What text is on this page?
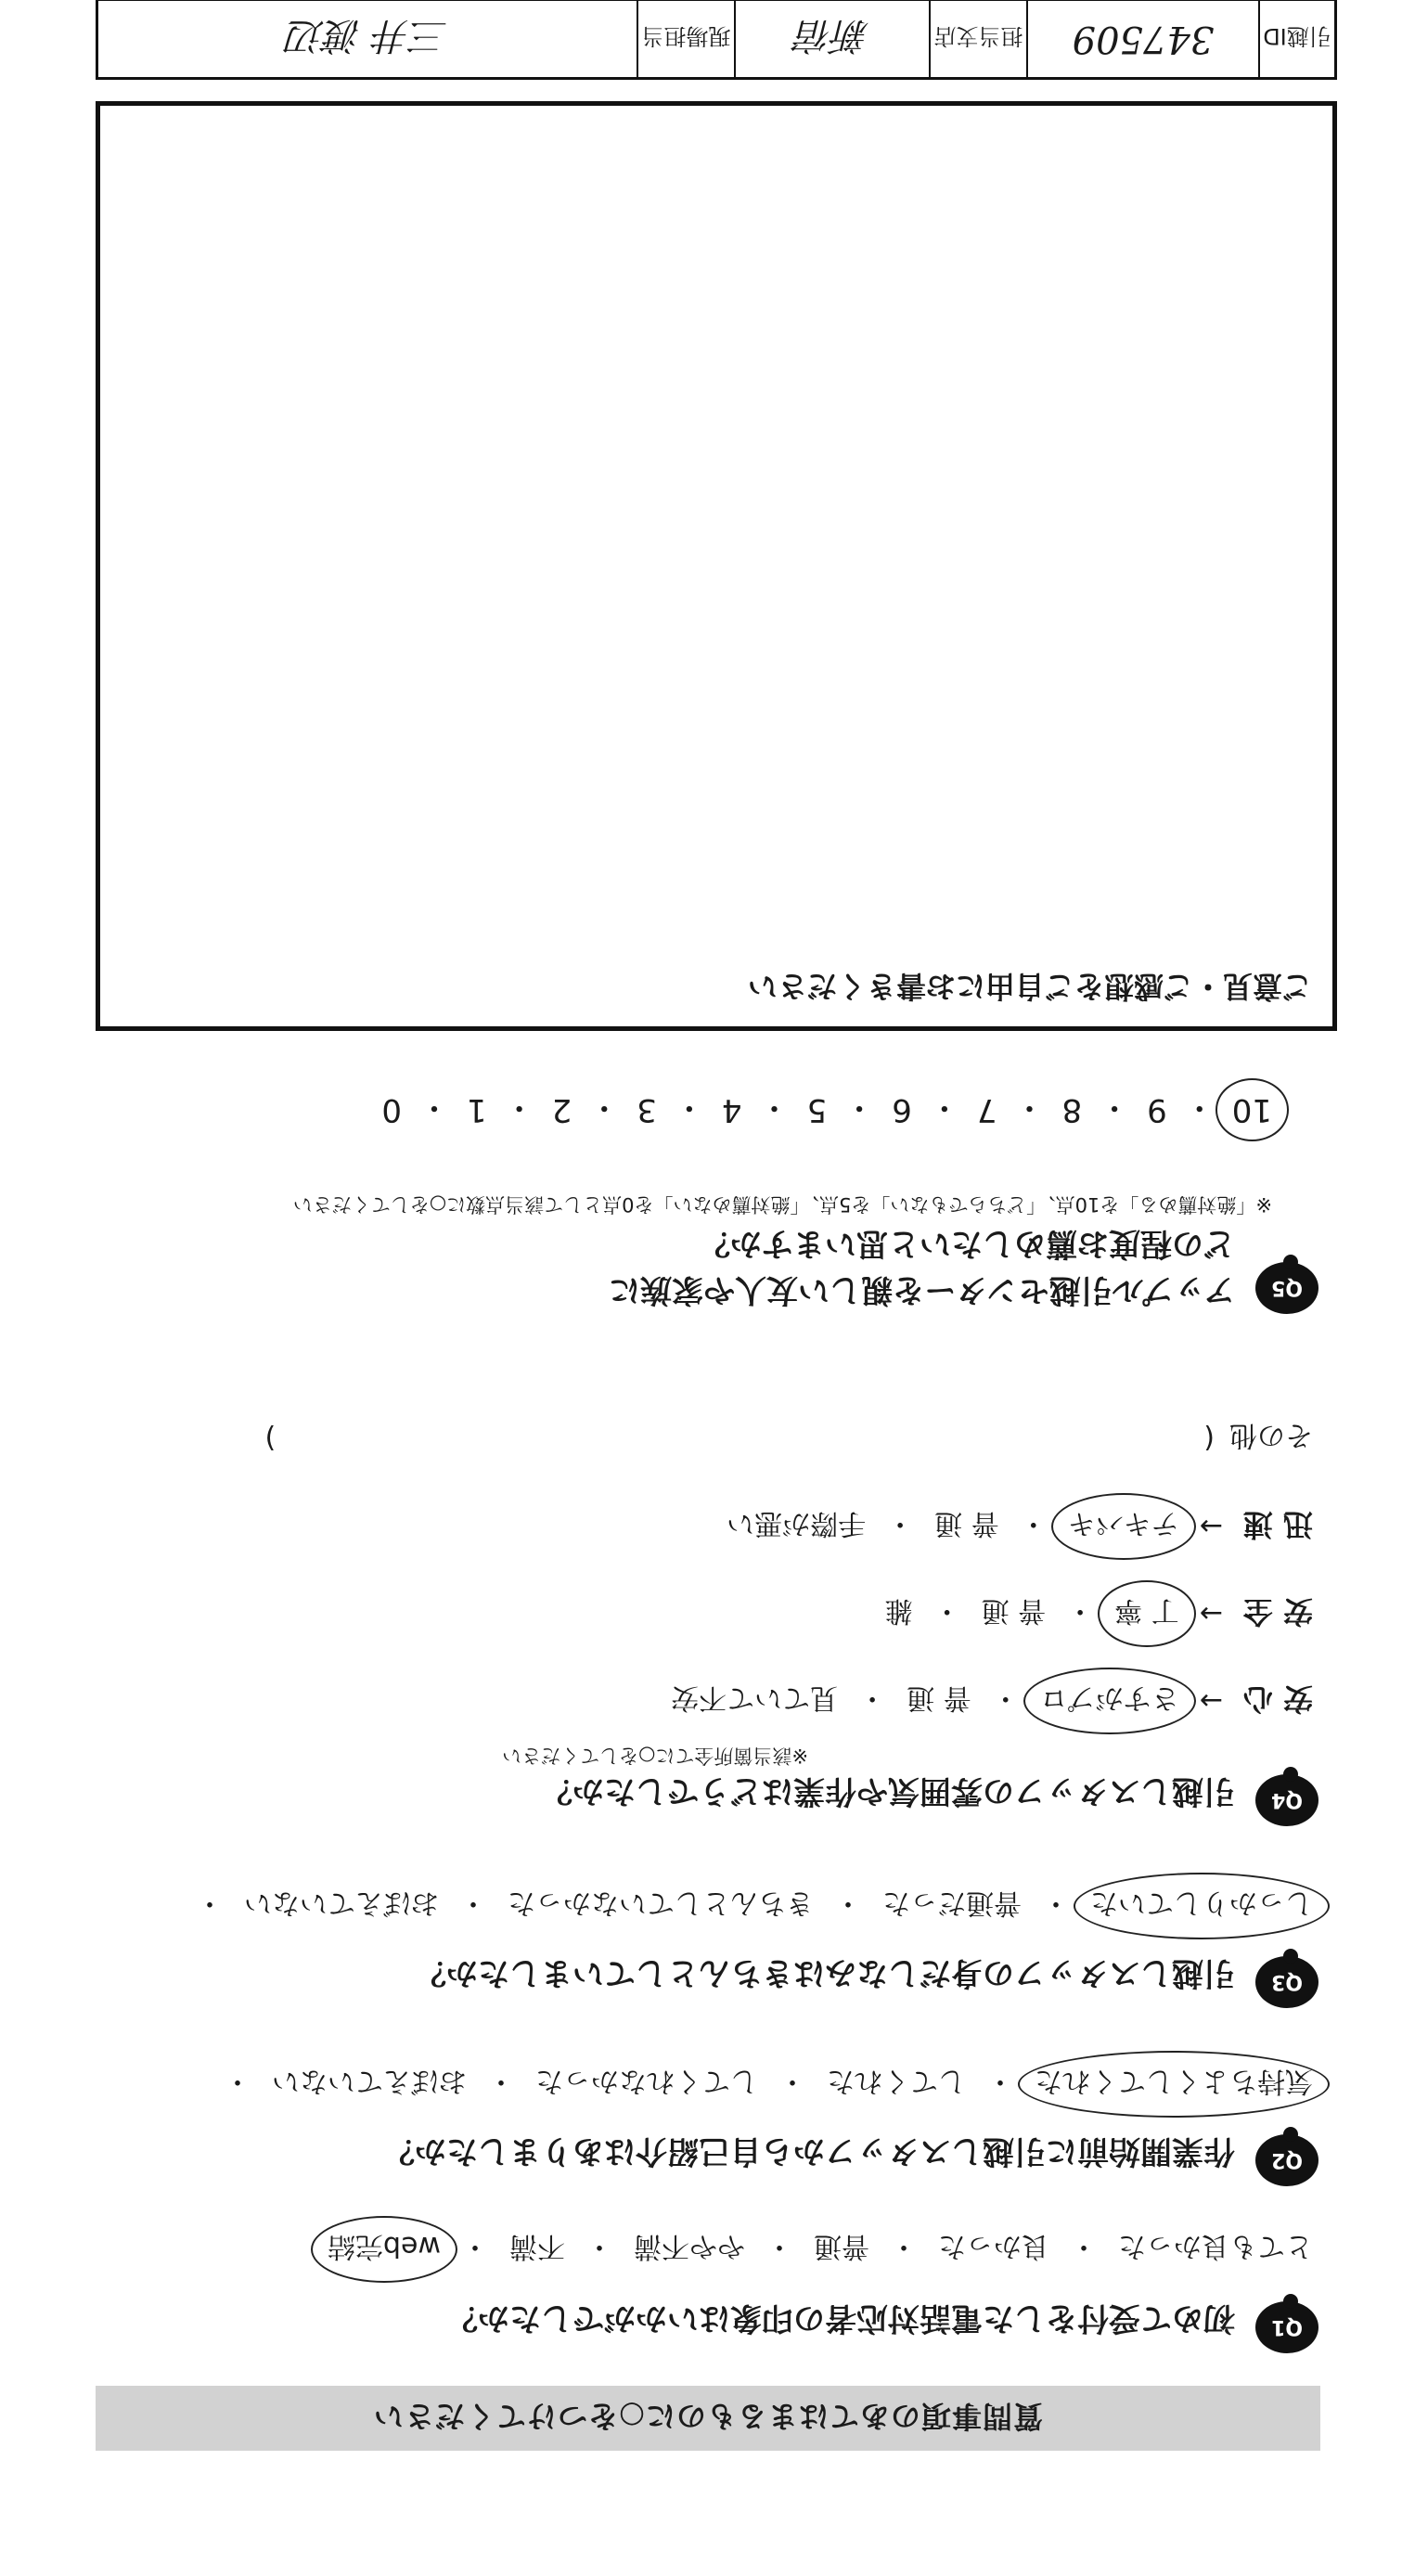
質問事項のあてはまるものに○をつけてください
Q1
初めて受付をした電話対応者の印象はいかがでしたか？
とても良かった
・
良かった
・
普通
・
やや不満
・
不満
・
web完結
Q2
作業開始前に引越しスタッフから自己紹介はありましたか？
気持ちよくしてくれた
・
してくれた
・
してくれなかった
・
おぼえていない
・
Q3
引越しスタッフの身だしなみはきちんとしていましたか？
しっかりしていた
・
普通だった
・
きちんとしていなかった
・
おぼえていない
・
Q4
引越しスタッフの雰囲気や作業はどうでしたか？
※該当箇所全てに○をしてください
安 心
→
さすがプロ
・
普 通
・
見ていて不安
安 全
→
丁 寧
・
普 通
・
雑
迅 速
→
テキパキ
・
普 通
・
手際が悪い
その他
(
)
Q5
アップル引越センターを親しい友人や家族に
どの程度お薦めしたいと思いますか？
※「絶対薦める」を10点、「どちらでもない」を5点、「絶対薦めない」を0点として該当点数に○をしてください
10
・
9
・
8
・
7
・
6
・
5
・
4
・
3
・
2
・
1
・
0
ご意見・ご感想をご自由にお書きください
引越ID
347509
担当支店
新宿
現場担当
三井 渡辺
